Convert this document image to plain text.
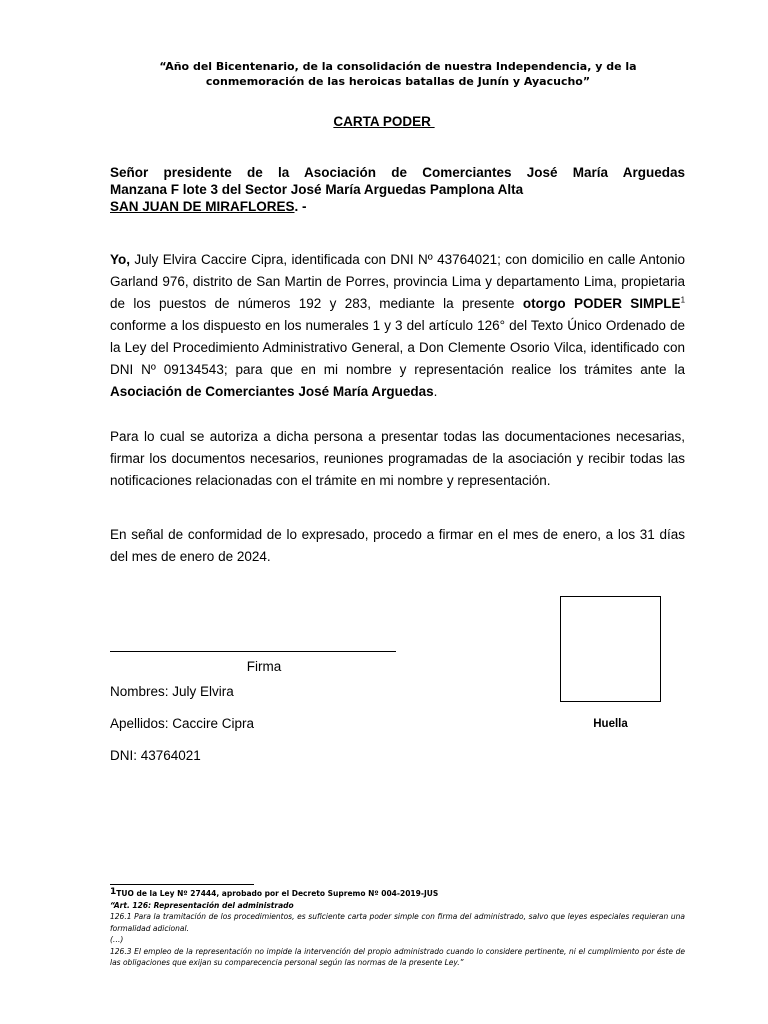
“Año del Bicentenario, de la consolidación de nuestra Independencia, y de la conmemoración de las heroicas batallas de Junín y Ayacucho”
CARTA PODER
Señor presidente de la Asociación de Comerciantes José María Arguedas
Manzana F lote 3 del Sector José María Arguedas Pamplona Alta
SAN JUAN DE MIRAFLORES. -
Yo, July Elvira Caccire Cipra, identificada con DNI Nº 43764021; con domicilio en calle Antonio Garland 976, distrito de San Martin de Porres, provincia Lima y departamento Lima, propietaria de los puestos de números 192 y 283, mediante la presente otorgo PODER SIMPLE$^1$ conforme a los dispuesto en los numerales 1 y 3 del artículo 126° del Texto Único Ordenado de la Ley del Procedimiento Administrativo General, a Don Clemente Osorio Vilca, identificado con DNI Nº 09134543; para que en mi nombre y representación realice los trámites ante la Asociación de Comerciantes José María Arguedas.
Para lo cual se autoriza a dicha persona a presentar todas las documentaciones necesarias, firmar los documentos necesarios, reuniones programadas de la asociación y recibir todas las notificaciones relacionadas con el trámite en mi nombre y representación.
En señal de conformidad de lo expresado, procedo a firmar en el mes de enero, a los 31 días del mes de enero de 2024.
Firma
Nombres: July Elvira
Apellidos: Caccire Cipra
DNI: 43764021
Huella
$^1$TUO de la Ley Nº 27444, aprobado por el Decreto Supremo Nº 004-2019-JUS
“Art. 126: Representación del administrado
126.1 Para la tramitación de los procedimientos, es suficiente carta poder simple con firma del administrado, salvo que leyes especiales requieran una formalidad adicional.
(…)
126.3 El empleo de la representación no impide la intervención del propio administrado cuando lo considere pertinente, ni el cumplimiento por éste de las obligaciones que exijan su comparecencia personal según las normas de la presente Ley.”
